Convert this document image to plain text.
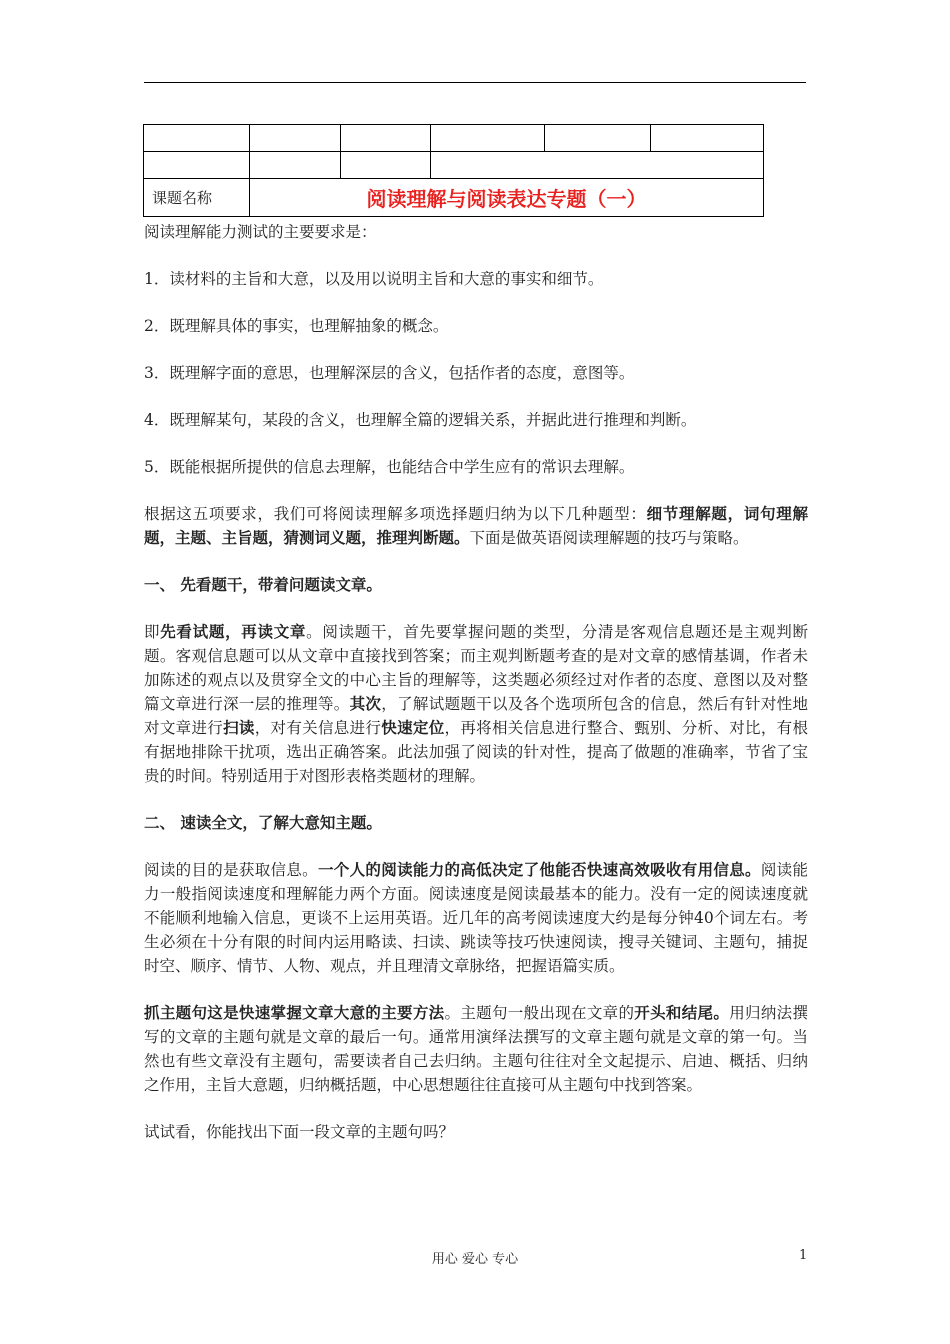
课题名称	阅读理解与阅读表达专题（一）				

阅读理解能力测试的主要要求是：

1．读材料的主旨和大意，以及用以说明主旨和大意的事实和细节。

2．既理解具体的事实，也理解抽象的概念。

3．既理解字面的意思，也理解深层的含义，包括作者的态度，意图等。

4．既理解某句，某段的含义，也理解全篇的逻辑关系，并据此进行推理和判断。

5．既能根据所提供的信息去理解，也能结合中学生应有的常识去理解。

根据这五项要求，我们可将阅读理解多项选择题归纳为以下几种题型：细节理解题，词句理解题，主题、主旨题，猜测词义题，推理判断题。下面是做英语阅读理解题的技巧与策略。

一、 先看题干，带着问题读文章。

即先看试题，再读文章。阅读题干，首先要掌握问题的类型，分清是客观信息题还是主观判断题。客观信息题可以从文章中直接找到答案；而主观判断题考查的是对文章的感情基调，作者未加陈述的观点以及贯穿全文的中心主旨的理解等，这类题必须经过对作者的态度、意图以及对整篇文章进行深一层的推理等。其次，了解试题题干以及各个选项所包含的信息，然后有针对性地对文章进行扫读，对有关信息进行快速定位，再将相关信息进行整合、甄别、分析、对比，有根有据地排除干扰项，选出正确答案。此法加强了阅读的针对性，提高了做题的准确率，节省了宝贵的时间。特别适用于对图形表格类题材的理解。

二、 速读全文，了解大意知主题。

阅读的目的是获取信息。一个人的阅读能力的高低决定了他能否快速高效吸收有用信息。阅读能力一般指阅读速度和理解能力两个方面。阅读速度是阅读最基本的能力。没有一定的阅读速度就不能顺利地输入信息，更谈不上运用英语。近几年的高考阅读速度大约是每分钟40个词左右。考生必须在十分有限的时间内运用略读、扫读、跳读等技巧快速阅读，搜寻关键词、主题句，捕捉时空、顺序、情节、人物、观点，并且理清文章脉络，把握语篇实质。

抓主题句这是快速掌握文章大意的主要方法。主题句一般出现在文章的开头和结尾。用归纳法撰写的文章的主题句就是文章的最后一句。通常用演绎法撰写的文章主题句就是文章的第一句。当然也有些文章没有主题句，需要读者自己去归纳。主题句往往对全文起提示、启迪、概括、归纳之作用，主旨大意题，归纳概括题，中心思想题往往直接可从主题句中找到答案。

试试看，你能找出下面一段文章的主题句吗？

用心 爱心 专心	1
